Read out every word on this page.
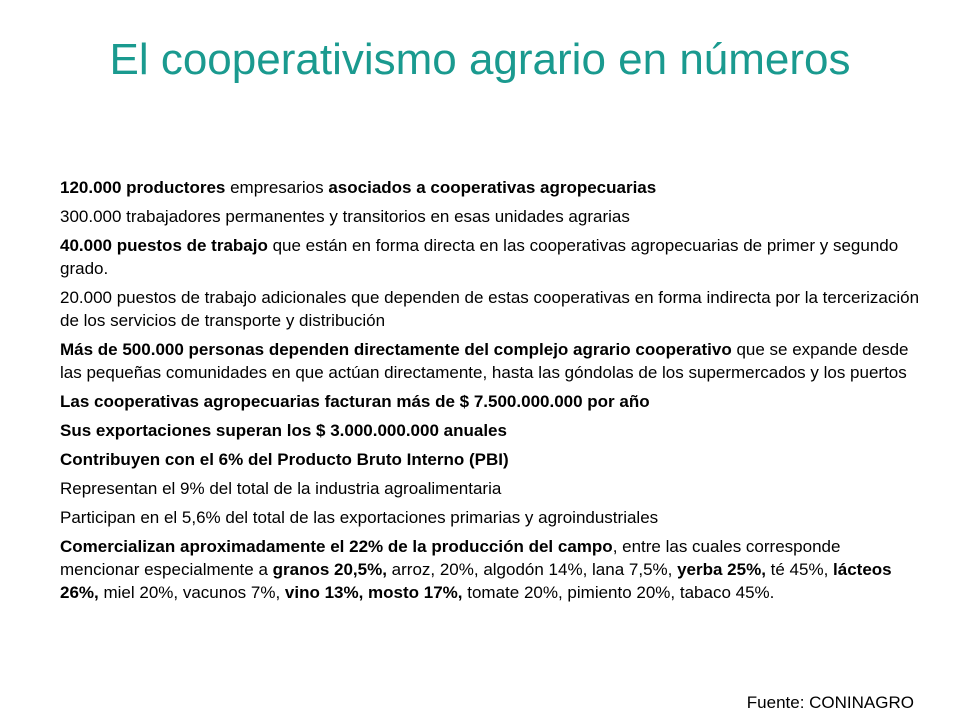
El cooperativismo agrario en números

120.000 productores empresarios asociados a cooperativas agropecuarias

300.000 trabajadores permanentes y transitorios en esas unidades agrarias

40.000 puestos de trabajo que están en forma directa en las cooperativas agropecuarias de primer y segundo grado.

20.000 puestos de trabajo adicionales que dependen de estas cooperativas en forma indirecta por la tercerización de los servicios de transporte y distribución

Más de 500.000 personas dependen directamente del complejo agrario cooperativo que se expande desde las pequeñas comunidades en que actúan directamente, hasta las góndolas de los supermercados y los puertos

Las cooperativas agropecuarias facturan más de $ 7.500.000.000 por año

Sus exportaciones superan los $ 3.000.000.000 anuales

Contribuyen con el 6% del Producto Bruto Interno (PBI)

Representan el 9% del total de la industria agroalimentaria

Participan en el 5,6% del total de las exportaciones primarias y agroindustriales

Comercializan aproximadamente el 22% de la producción del campo, entre las cuales corresponde mencionar especialmente a granos 20,5%, arroz, 20%, algodón 14%, lana 7,5%, yerba 25%, té 45%, lácteos 26%, miel 20%, vacunos 7%, vino 13%, mosto 17%, tomate 20%, pimiento 20%, tabaco 45%.

Fuente: CONINAGRO
